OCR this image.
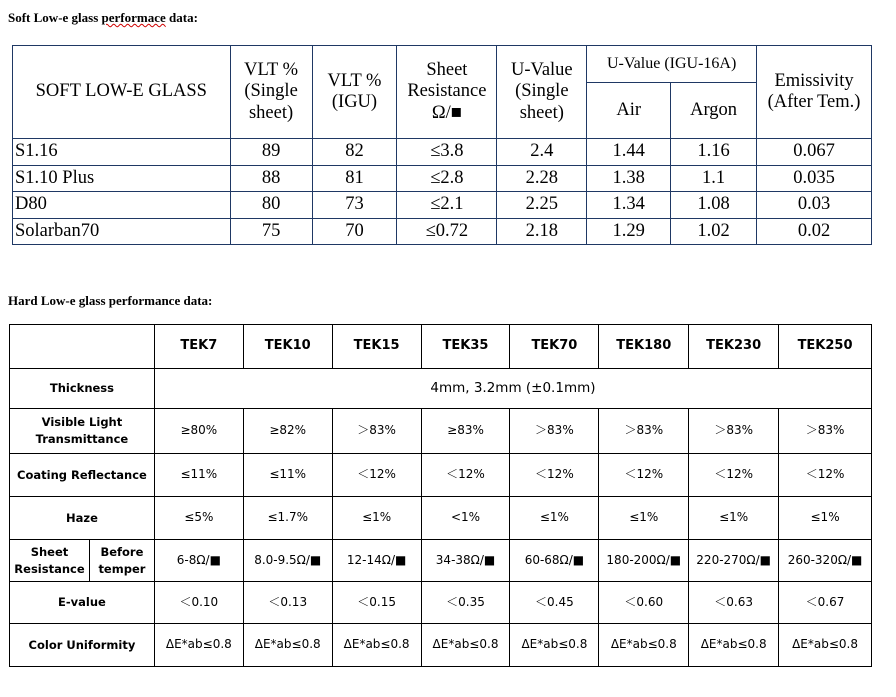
Soft Low-e glass performace data:
SOFT LOW-E GLASS	VLT %
(Single
sheet)	VLT %
(IGU)	Sheet
Resistance
Ω/■	U-Value
(Single
sheet)	U-Value (IGU-16A)		Emissivity
(After Tem.)
					Air	Argon	
S1.16	89	82	≤3.8	2.4	1.44	1.16	0.067
S1.10 Plus	88	81	≤2.8	2.28	1.38	1.1	0.035
D80	80	73	≤2.1	2.25	1.34	1.08	0.03
Solarban70	75	70	≤0.72	2.18	1.29	1.02	0.02
Hard Low-e glass performance data:
		TEK7	TEK10	TEK15	TEK35	TEK70	TEK180	TEK230	TEK250
Thickness		4mm, 3.2mm (±0.1mm)							
Visible Light
Transmittance		≥80%	≥82%	＞83%	≥83%	＞83%	＞83%	＞83%	＞83%
Coating Reflectance		≤11%	≤11%	＜12%	＜12%	＜12%	＜12%	＜12%	＜12%
Haze		≤5%	≤1.7%	≤1%	<1%	≤1%	≤1%	≤1%	≤1%
Sheet
Resistance	Before
temper	6-8Ω/■	8.0-9.5Ω/■	12-14Ω/■	34-38Ω/■	60-68Ω/■	180-200Ω/■	220-270Ω/■	260-320Ω/■
E-value		＜0.10	＜0.13	＜0.15	＜0.35	＜0.45	＜0.60	＜0.63	＜0.67
Color Uniformity		ΔE*ab≤0.8	ΔE*ab≤0.8	ΔE*ab≤0.8	ΔE*ab≤0.8	ΔE*ab≤0.8	ΔE*ab≤0.8	ΔE*ab≤0.8	ΔE*ab≤0.8
